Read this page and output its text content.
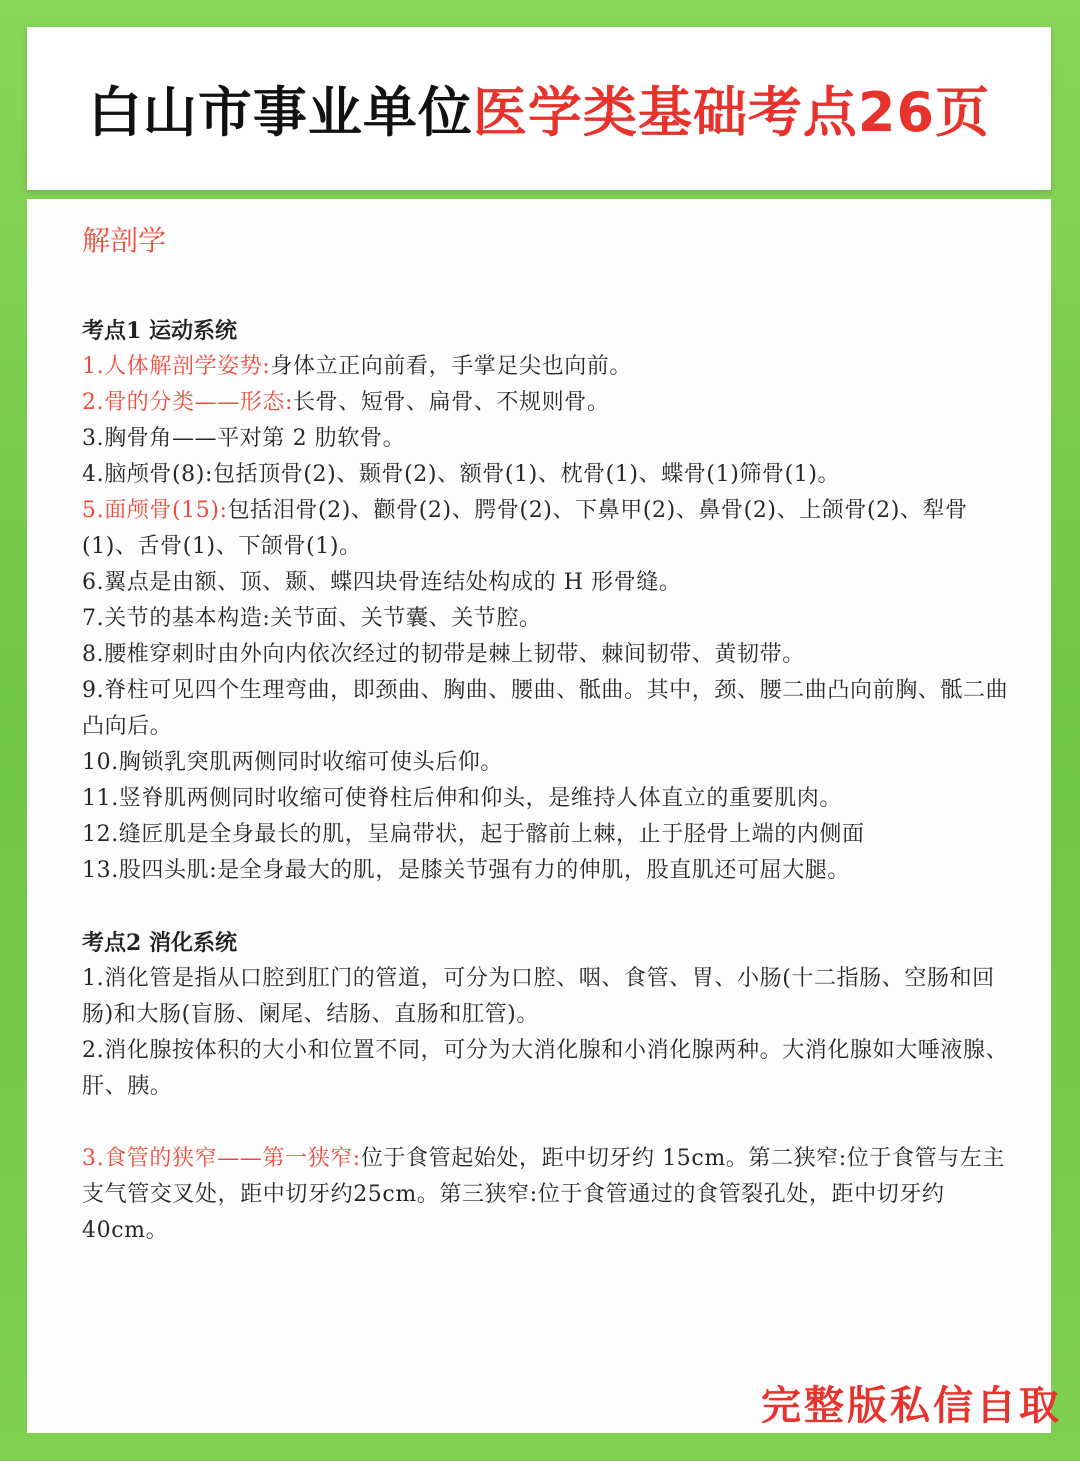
白山市事业单位医学类基础考点26页
解剖学

考点1 运动系统

1.人体解剖学姿势:身体立正向前看，手掌足尖也向前。

2.骨的分类——形态:长骨、短骨、扁骨、不规则骨。

3.胸骨角——平对第 2 肋软骨。

4.脑颅骨(8):包括顶骨(2)、颞骨(2)、额骨(1)、枕骨(1)、蝶骨(1)筛骨(1)。

5.面颅骨(15):包括泪骨(2)、颧骨(2)、腭骨(2)、下鼻甲(2)、鼻骨(2)、上颌骨(2)、犁骨(1)、舌骨(1)、下颌骨(1)。

6.翼点是由额、顶、颞、蝶四块骨连结处构成的 H 形骨缝。

7.关节的基本构造:关节面、关节囊、关节腔。

8.腰椎穿刺时由外向内依次经过的韧带是棘上韧带、棘间韧带、黄韧带。

9.脊柱可见四个生理弯曲，即颈曲、胸曲、腰曲、骶曲。其中，颈、腰二曲凸向前胸、骶二曲凸向后。

10.胸锁乳突肌两侧同时收缩可使头后仰。

11.竖脊肌两侧同时收缩可使脊柱后伸和仰头，是维持人体直立的重要肌肉。

12.缝匠肌是全身最长的肌，呈扁带状，起于髂前上棘，止于胫骨上端的内侧面

13.股四头肌:是全身最大的肌，是膝关节强有力的伸肌，股直肌还可屈大腿。

考点2 消化系统

1.消化管是指从口腔到肛门的管道，可分为口腔、咽、食管、胃、小肠(十二指肠、空肠和回肠)和大肠(盲肠、阑尾、结肠、直肠和肛管)。

2.消化腺按体积的大小和位置不同，可分为大消化腺和小消化腺两种。大消化腺如大唾液腺、肝、胰。

3.食管的狭窄——第一狭窄:位于食管起始处，距中切牙约 15cm。第二狭窄:位于食管与左主支气管交叉处，距中切牙约25cm。第三狭窄:位于食管通过的食管裂孔处，距中切牙约 40cm。

完整版私信自取
